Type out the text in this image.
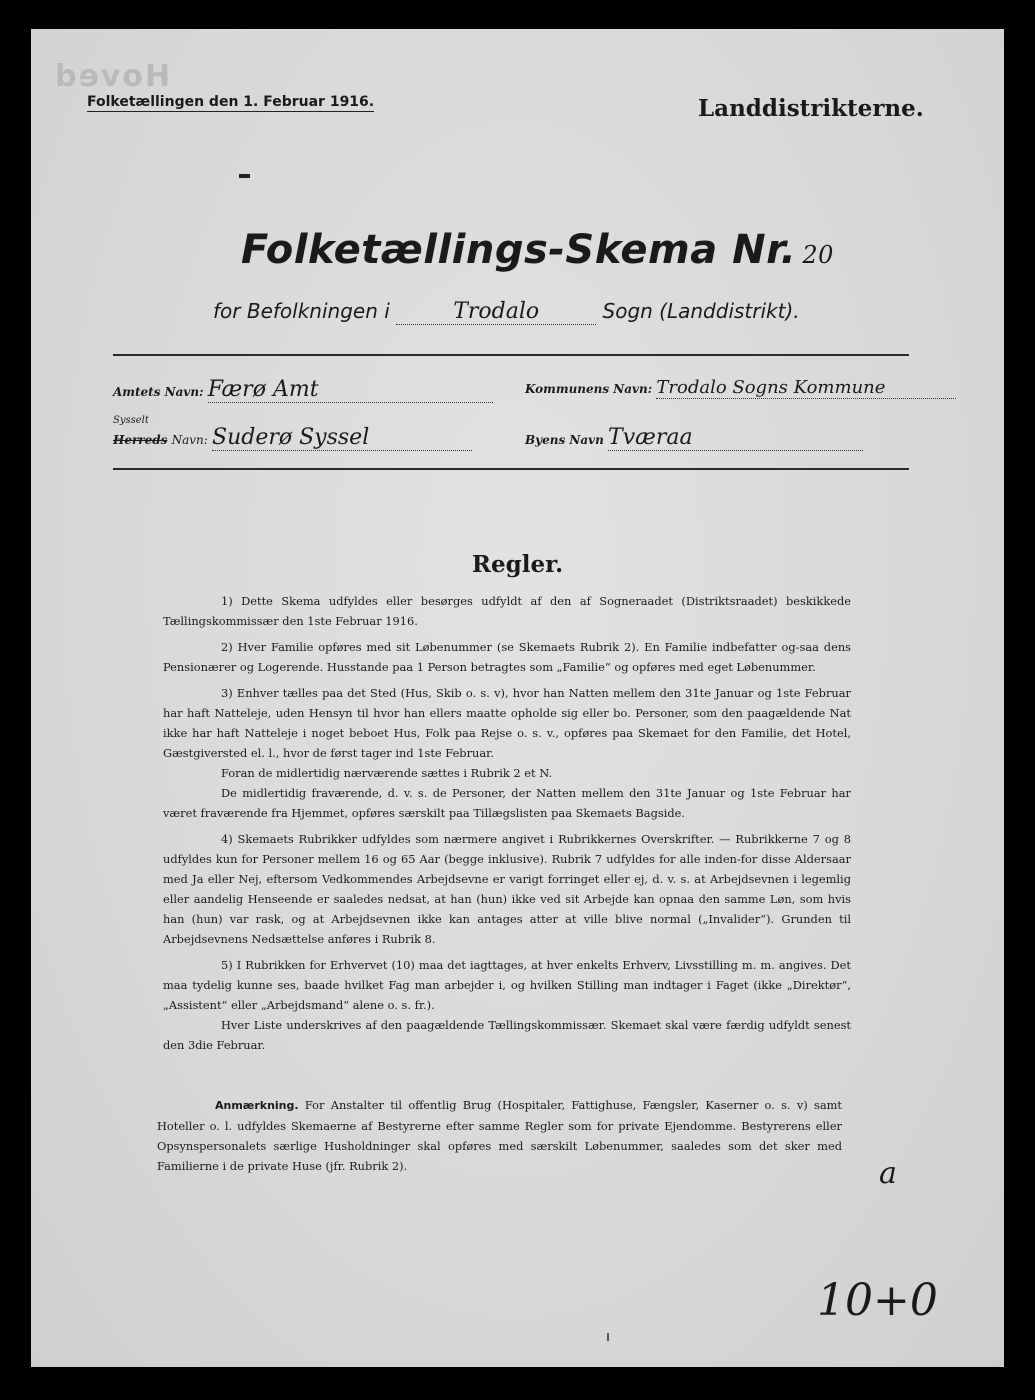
Hoved
Folketællingen den 1. Februar 1916.	Landdistrikterne.
Folketællings-Skema Nr. 20
for Befolkningen i	Trodalo	Sogn (Landdistrikt).
Amtets Navn: Færø Amt	Kommunens Navn: Trodalo Sogns Kommune
Sysselt
Herreds Navn: Suderø Syssel	Byens Navn Tværaa
Regler.

1) Dette Skema udfyldes eller besørges udfyldt af den af Sogneraadet (Distriktsraadet) beskikkede Tællingskommissær den 1ste Februar 1916.

2) Hver Familie opføres med sit Løbenummer (se Skemaets Rubrik 2). En Familie indbefatter og-saa dens Pensionærer og Logerende. Husstande paa 1 Person betragtes som „Familie“ og opføres med eget Løbenummer.

3) Enhver tælles paa det Sted (Hus, Skib o. s. v), hvor han Natten mellem den 31te Januar og 1ste Februar har haft Natteleje, uden Hensyn til hvor han ellers maatte opholde sig eller bo. Personer, som den paagældende Nat ikke har haft Natteleje i noget beboet Hus, Folk paa Rejse o. s. v., opføres paa Skemaet for den Familie, det Hotel, Gæstgiversted el. l., hvor de først tager ind 1ste Februar.

Foran de midlertidig nærværende sættes i Rubrik 2 et N.

De midlertidig fraværende, d. v. s. de Personer, der Natten mellem den 31te Januar og 1ste Februar har været fraværende fra Hjemmet, opføres særskilt paa Tillægslisten paa Skemaets Bagside.

4) Skemaets Rubrikker udfyldes som nærmere angivet i Rubrikkernes Overskrifter. — Rubrikkerne 7 og 8 udfyldes kun for Personer mellem 16 og 65 Aar (begge inklusive). Rubrik 7 udfyldes for alle inden-for disse Aldersaar med Ja eller Nej, eftersom Vedkommendes Arbejdsevne er varigt forringet eller ej, d. v. s. at Arbejdsevnen i legemlig eller aandelig Henseende er saaledes nedsat, at han (hun) ikke ved sit Arbejde kan opnaa den samme Løn, som hvis han (hun) var rask, og at Arbejdsevnen ikke kan antages atter at ville blive normal („Invalider“). Grunden til Arbejdsevnens Nedsættelse anføres i Rubrik 8.

5) I Rubrikken for Erhvervet (10) maa det iagttages, at hver enkelts Erhverv, Livsstilling m. m. angives. Det maa tydelig kunne ses, baade hvilket Fag man arbejder i, og hvilken Stilling man indtager i Faget (ikke „Direktør“, „Assistent“ eller „Arbejdsmand“ alene o. s. fr.).

Hver Liste underskrives af den paagældende Tællingskommissær. Skemaet skal være færdig udfyldt senest den 3die Februar.

Anmærkning. For Anstalter til offentlig Brug (Hospitaler, Fattighuse, Fængsler, Kaserner o. s. v) samt Hoteller o. l. udfyldes Skemaerne af Bestyrerne efter samme Regler som for private Ejendomme. Bestyrerens eller Opsynspersonalets særlige Husholdninger skal opføres med særskilt Løbenummer, saaledes som det sker med Familierne i de private Huse (jfr. Rubrik 2).	a
10+0
